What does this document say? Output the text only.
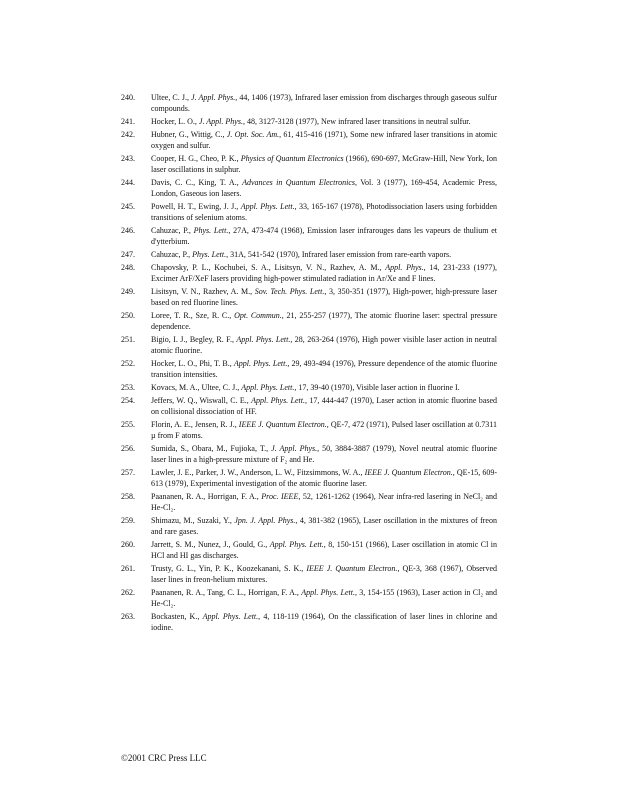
240.	Ultee, C. J., J. Appl. Phys., 44, 1406 (1973), Infrared laser emission from discharges through gaseous sulfur compounds.
241.	Hocker, L. O., J. Appl. Phys., 48, 3127-3128 (1977), New infrared laser transitions in neutral sulfur.
242.	Hubner, G., Wittig, C., J. Opt. Soc. Am., 61, 415-416 (1971), Some new infrared laser transitions in atomic oxygen and sulfur.
243.	Cooper, H. G., Cheo, P. K., Physics of Quantum Electronics (1966), 690-697, McGraw-Hill, New York, Ion laser oscillations in sulphur.
244.	Davis, C. C., King, T. A., Advances in Quantum Electronics, Vol. 3 (1977), 169-454, Academic Press, London, Gaseous ion lasers.
245.	Powell, H. T., Ewing, J. J., Appl. Phys. Lett., 33, 165-167 (1978), Photodissociation lasers using forbidden transitions of selenium atoms.
246.	Cahuzac, P., Phys. Lett., 27A, 473-474 (1968), Emission laser infrarouges dans les vapeurs de thulium et d'ytterbium.
247.	Cahuzac, P., Phys. Lett., 31A, 541-542 (1970), Infrared laser emission from rare-earth vapors.
248.	Chapovsky, P. L., Kochubei, S. A., Lisitsyn, V. N., Razhev, A. M., Appl. Phys., 14, 231-233 (1977), Excimer ArF/XeF lasers providing high-power stimulated radiation in Ar/Xe and F lines.
249.	Lisitsyn, V. N., Razhev, A. M., Sov. Tech. Phys. Lett., 3, 350-351 (1977), High-power, high-pressure laser based on red fluorine lines.
250.	Loree, T. R., Sze, R. C., Opt. Commun., 21, 255-257 (1977), The atomic fluorine laser: spectral pressure dependence.
251.	Bigio, I. J., Begley, R. F., Appl. Phys. Lett., 28, 263-264 (1976), High power visible laser action in neutral atomic fluorine.
252.	Hocker, L. O., Phi, T. B., Appl. Phys. Lett., 29, 493-494 (1976), Pressure dependence of the atomic fluorine transition intensities.
253.	Kovacs, M. A., Ultee, C. J., Appl. Phys. Lett., 17, 39-40 (1970), Visible laser action in fluorine I.
254.	Jeffers, W. Q., Wiswall, C. E., Appl. Phys. Lett., 17, 444-447 (1970), Laser action in atomic fluorine based on collisional dissociation of HF.
255.	Florin, A. E., Jensen, R. J., IEEE J. Quantum Electron., QE-7, 472 (1971), Pulsed laser oscillation at 0.7311 µ from F atoms.
256.	Sumida, S., Obara, M., Fujioka, T., J. Appl. Phys., 50, 3884-3887 (1979), Novel neutral atomic fluorine laser lines in a high-pressure mixture of F₂ and He.
257.	Lawler, J. E., Parker, J. W., Anderson, L. W., Fitzsimmons, W. A., IEEE J. Quantum Electron., QE-15, 609-613 (1979), Experimental investigation of the atomic fluorine laser.
258.	Paananen, R. A., Horrigan, F. A., Proc. IEEE, 52, 1261-1262 (1964), Near infra-red lasering in NeCl₂ and He-Cl₂.
259.	Shimazu, M., Suzaki, Y., Jpn. J. Appl. Phys., 4, 381-382 (1965), Laser oscillation in the mixtures of freon and rare gases.
260.	Jarrett, S. M., Nunez, J., Gould, G., Appl. Phys. Lett., 8, 150-151 (1966), Laser oscillation in atomic Cl in HCl and HI gas discharges.
261.	Trusty, G. L., Yin, P. K., Koozekanani, S. K., IEEE J. Quantum Electron., QE-3, 368 (1967), Observed laser lines in freon-helium mixtures.
262.	Paananen, R. A., Tang, C. L., Horrigan, F. A., Appl. Phys. Lett., 3, 154-155 (1963), Laser action in Cl₂ and He-Cl₂.
263.	Bockasten, K., Appl. Phys. Lett., 4, 118-119 (1964), On the classification of laser lines in chlorine and iodine.
©2001 CRC Press LLC
